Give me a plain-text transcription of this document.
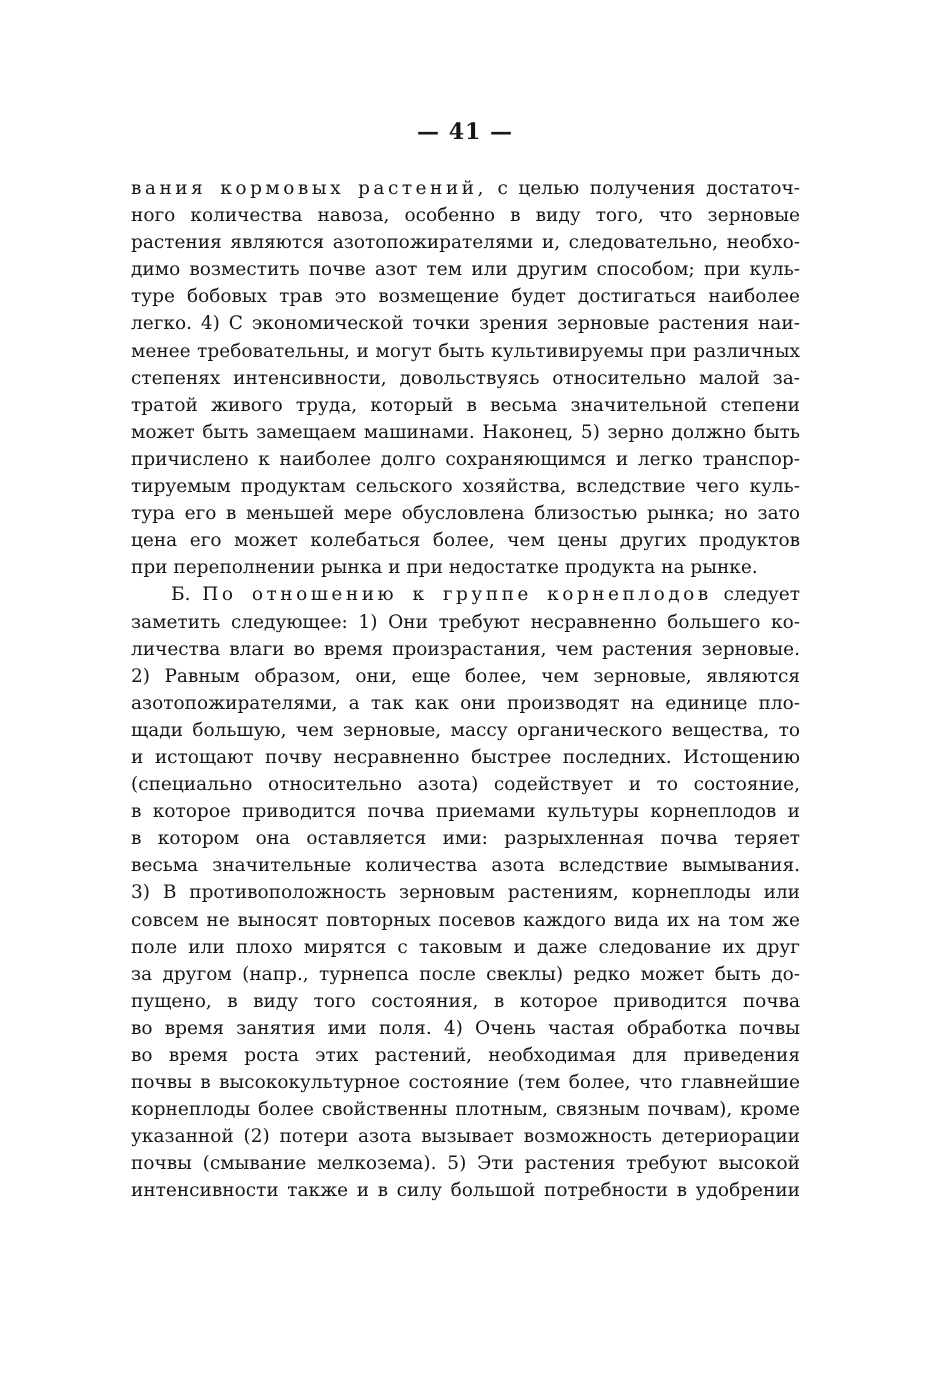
— 41 —
вания кормовых растений, с целью получения достаточ-
ного количества навоза, особенно в виду того, что зерновые
растения являются азотопожирателями и, следовательно, необхо-
димо возместить почве азот тем или другим способом; при куль-
туре бобовых трав это возмещение будет достигаться наиболее
легко. 4) С экономической точки зрения зерновые растения наи-
менее требовательны, и могут быть культивируемы при различных
степенях интенсивности, довольствуясь относительно малой за-
тратой живого труда, который в весьма значительной степени
может быть замещаем машинами. Наконец, 5) зерно должно быть
причислено к наиболее долго сохраняющимся и легко транспор-
тируемым продуктам сельского хозяйства, вследствие чего куль-
тура его в меньшей мере обусловлена близостью рынка; но зато
цена его может колебаться более, чем цены других продуктов
при переполнении рынка и при недостатке продукта на рынке.
Б. По отношению к группе корнеплодов следует
заметить следующее: 1) Они требуют несравненно большего ко-
личества влаги во время произрастания, чем растения зерновые.
2) Равным образом, они, еще более, чем зерновые, являются
азотопожирателями, а так как они производят на единице пло-
щади большую, чем зерновые, массу органического вещества, то
и истощают почву несравненно быстрее последних. Истощению
(специально относительно азота) содействует и то состояние,
в которое приводится почва приемами культуры корнеплодов и
в котором она оставляется ими: разрыхленная почва теряет
весьма значительные количества азота вследствие вымывания.
3) В противоположность зерновым растениям, корнеплоды или
совсем не выносят повторных посевов каждого вида их на том же
поле или плохо мирятся с таковым и даже следование их друг
за другом (напр., турнепса после свеклы) редко может быть до-
пущено, в виду того состояния, в которое приводится почва
во время занятия ими поля. 4) Очень частая обработка почвы
во время роста этих растений, необходимая для приведения
почвы в высококультурное состояние (тем более, что главнейшие
корнеплоды более свойственны плотным, связным почвам), кроме
указанной (2) потери азота вызывает возможность детериорации
почвы (смывание мелкозема). 5) Эти растения требуют высокой
интенсивности также и в силу большой потребности в удобрении
